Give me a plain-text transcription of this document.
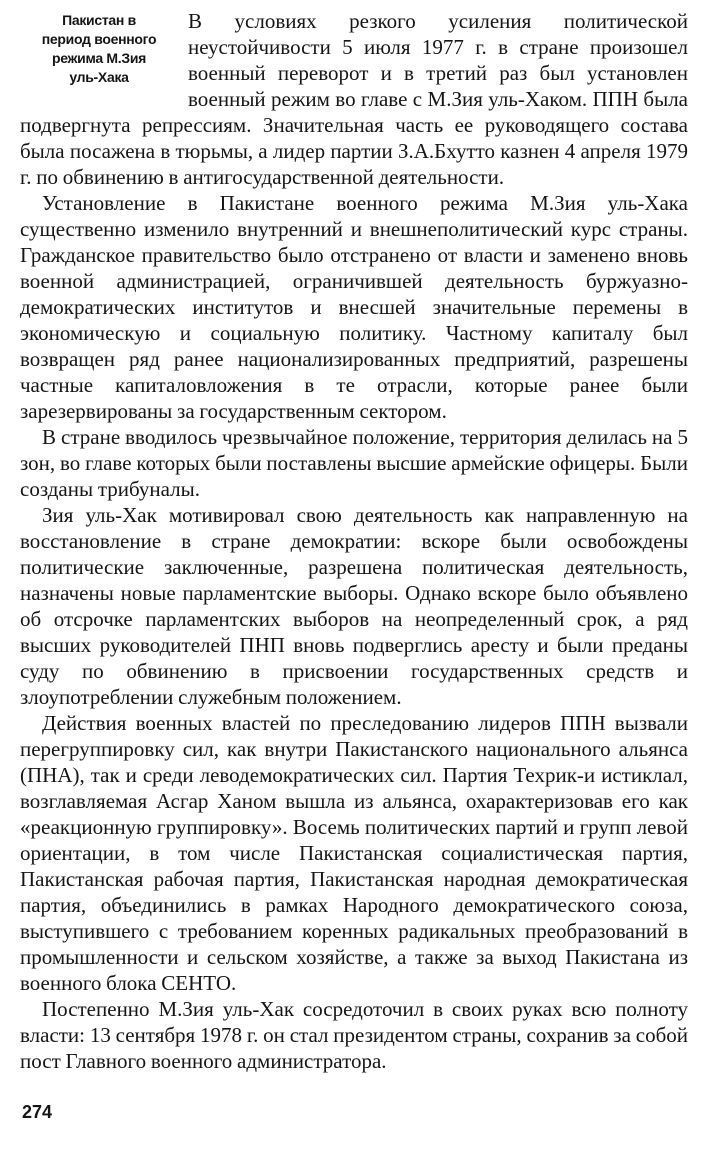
Пакистан в
период военного
режима М.Зия
уль-Хака

В условиях резкого усиления политической неустойчивости 5 июля 1977 г. в стране произошел военный переворот и в третий раз был установлен военный режим во главе с М.Зия уль-Хаком. ППН была подвергнута репрессиям. Значительная часть ее руководящего состава была посажена в тюрьмы, а лидер партии З.А.Бхутто казнен 4 апреля 1979 г. по обвинению в антигосударственной деятельности.

Установление в Пакистане военного режима М.Зия уль-Хака существенно изменило внутренний и внешнеполитический курс страны. Гражданское правительство было отстранено от власти и заменено вновь военной администрацией, ограничившей деятельность буржуазно-демократических институтов и внесшей значительные перемены в экономическую и социальную политику. Частному капиталу был возвращен ряд ранее национализированных предприятий, разрешены частные капиталовложения в те отрасли, которые ранее были зарезервированы за государственным сектором.

В стране вводилось чрезвычайное положение, территория делилась на 5 зон, во главе которых были поставлены высшие армейские офицеры. Были созданы трибуналы.

Зия уль-Хак мотивировал свою деятельность как направленную на восстановление в стране демократии: вскоре были освобождены политические заключенные, разрешена политическая деятельность, назначены новые парламентские выборы. Однако вскоре было объявлено об отсрочке парламентских выборов на неопределенный срок, а ряд высших руководителей ПНП вновь подверглись аресту и были преданы суду по обвинению в присвоении государственных средств и злоупотреблении служебным положением.

Действия военных властей по преследованию лидеров ППН вызвали перегруппировку сил, как внутри Пакистанского национального альянса (ПНА), так и среди леводемократических сил. Партия Техрик-и истиклал, возглавляемая Асгар Ханом вышла из альянса, охарактеризовав его как «реакционную группировку». Восемь политических партий и групп левой ориентации, в том числе Пакистанская социалистическая партия, Пакистанская рабочая партия, Пакистанская народная демократическая партия, объединились в рамках Народного демократического союза, выступившего с требованием коренных радикальных преобразований в промышленности и сельском хозяйстве, а также за выход Пакистана из военного блока СЕНТО.

Постепенно М.Зия уль-Хак сосредоточил в своих руках всю полноту власти: 13 сентября 1978 г. он стал президентом страны, сохранив за собой пост Главного военного администратора.

274
